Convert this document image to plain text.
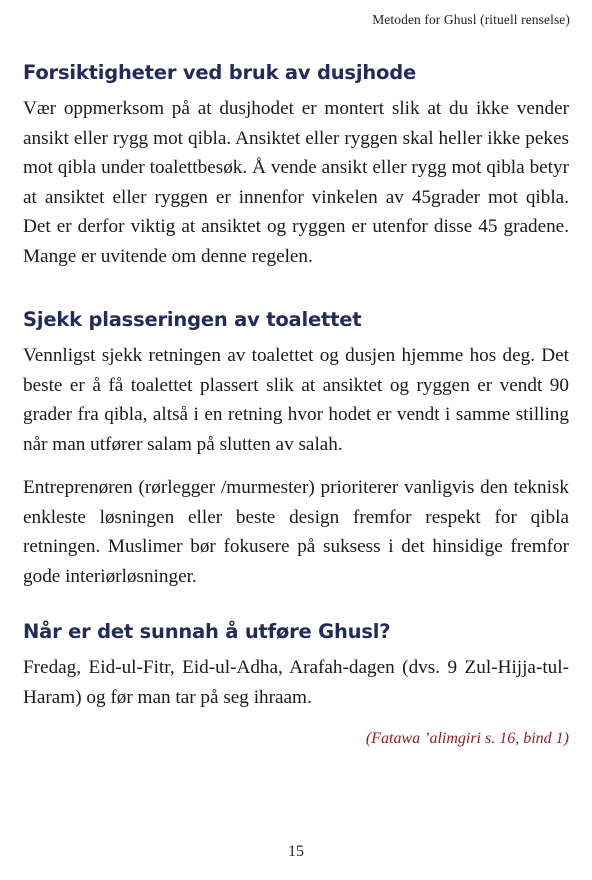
Metoden for Ghusl (rituell renselse)
Forsiktigheter ved bruk av dusjhode

Vær oppmerksom på at dusjhodet er montert slik at du ikke vender ansikt eller rygg mot qibla. Ansiktet eller ryggen skal heller ikke pekes mot qibla under toalettbesøk. Å vende ansikt eller rygg mot qibla betyr at ansiktet eller ryggen er innenfor vinkelen av 45grader mot qibla. Det er derfor viktig at ansiktet og ryggen er utenfor disse 45 gradene. Mange er uvitende om denne regelen.

Sjekk plasseringen av toalettet

Vennligst sjekk retningen av toalettet og dusjen hjemme hos deg. Det beste er å få toalettet plassert slik at ansiktet og ryggen er vendt 90 grader fra qibla, altså i en retning hvor hodet er vendt i samme stilling når man utfører salam på slutten av salah.

Entreprenøren (rørlegger /murmester) prioriterer vanligvis den teknisk enkleste løsningen eller beste design fremfor respekt for qibla retningen. Muslimer bør fokusere på suksess i det hinsidige fremfor gode interiørløsninger.

Når er det sunnah å utføre Ghusl?

Fredag, Eid-ul-Fitr, Eid-ul-Adha, Arafah-dagen (dvs. 9 Zul-Hijja-tul-Haram) og før man tar på seg ihraam.

(Fatawa ’alimgiri s. 16, bind 1)
15
